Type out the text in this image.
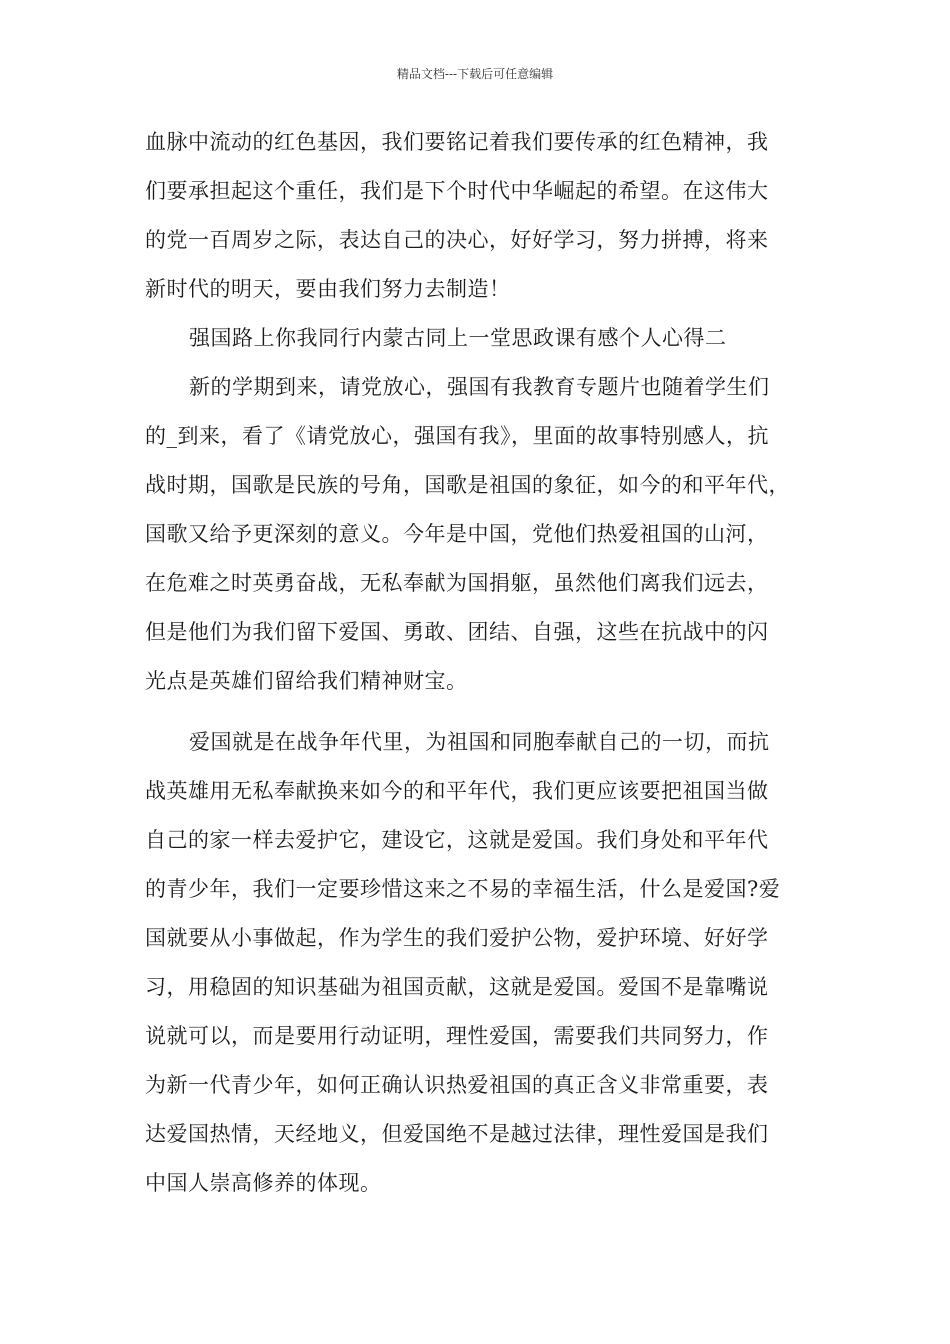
精品文档---下载后可任意编辑
血脉中流动的红色基因，我们要铭记着我们要传承的红色精神，我
们要承担起这个重任，我们是下个时代中华崛起的希望。在这伟大
的党一百周岁之际，表达自己的决心，好好学习，努力拼搏，将来
新时代的明天，要由我们努力去制造！
强国路上你我同行内蒙古同上一堂思政课有感个人心得二
新的学期到来，请党放心，强国有我教育专题片也随着学生们
的_到来，看了《请党放心，强国有我》，里面的故事特别感人，抗
战时期，国歌是民族的号角，国歌是祖国的象征，如今的和平年代，
国歌又给予更深刻的意义。今年是中国，党他们热爱祖国的山河，
在危难之时英勇奋战，无私奉献为国捐躯，虽然他们离我们远去，
但是他们为我们留下爱国、勇敢、团结、自强，这些在抗战中的闪
光点是英雄们留给我们精神财宝。
爱国就是在战争年代里，为祖国和同胞奉献自己的一切，而抗
战英雄用无私奉献换来如今的和平年代，我们更应该要把祖国当做
自己的家一样去爱护它，建设它，这就是爱国。我们身处和平年代
的青少年，我们一定要珍惜这来之不易的幸福生活，什么是爱国?爱
国就要从小事做起，作为学生的我们爱护公物，爱护环境、好好学
习，用稳固的知识基础为祖国贡献，这就是爱国。爱国不是靠嘴说
说就可以，而是要用行动证明，理性爱国，需要我们共同努力，作
为新一代青少年，如何正确认识热爱祖国的真正含义非常重要，表
达爱国热情，天经地义，但爱国绝不是越过法律，理性爱国是我们
中国人崇高修养的体现。
